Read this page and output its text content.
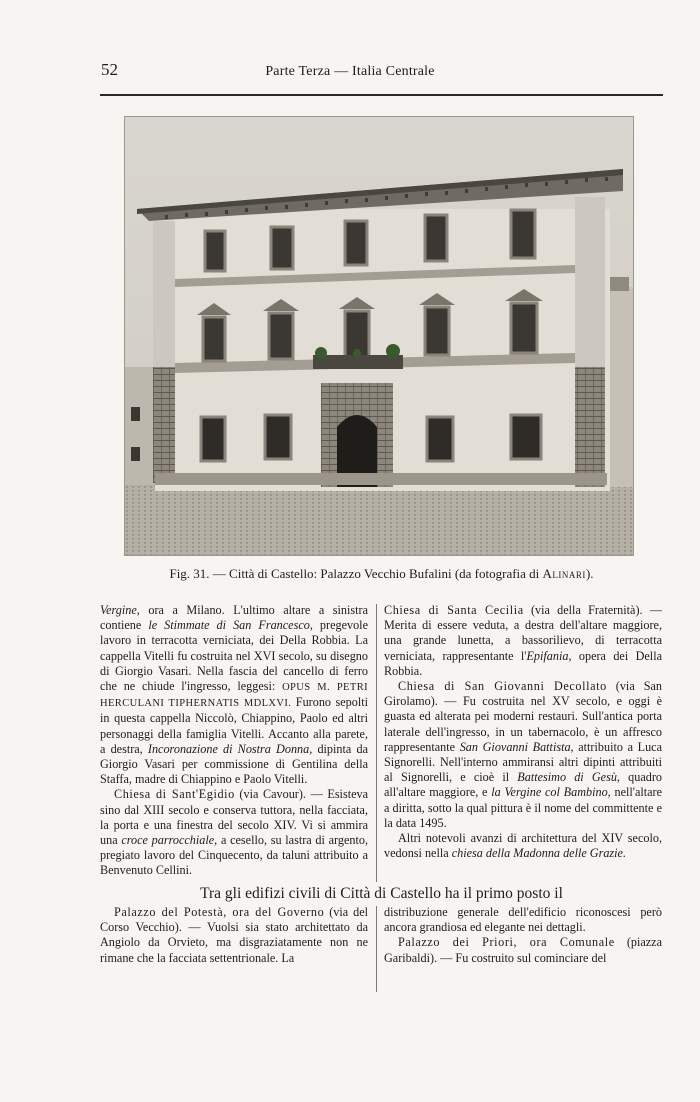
52	Parte Terza — Italia Centrale
Fig. 31. — Città di Castello: Palazzo Vecchio Bufalini (da fotografia di Alinari).

Vergine, ora a Milano. L'ultimo altare a sinistra contiene le Stimmate di San Francesco, pregevole lavoro in terracotta verniciata, dei Della Robbia. La cappella Vitelli fu costruita nel XVI secolo, su disegno di Giorgio Vasari. Nella fascia del cancello di ferro che ne chiude l'ingresso, leggesi: OPUS M. PETRI HERCULANI TIPHERNATIS MDLXVI. Furono sepolti in questa cappella Niccolò, Chiappino, Paolo ed altri personaggi della famiglia Vitelli. Accanto alla parete, a destra, Incoronazione di Nostra Donna, dipinta da Giorgio Vasari per commissione di Gentilina della Staffa, madre di Chiappino e Paolo Vitelli.

Chiesa di Sant'Egidio (via Cavour). — Esisteva sino dal XIII secolo e conserva tuttora, nella facciata, la porta e una finestra del secolo XIV. Vi si ammira una croce parrocchiale, a cesello, su lastra di argento, pregiato lavoro del Cinquecento, da taluni attribuito a Benvenuto Cellini.

Chiesa di Santa Cecilia (via della Fraternità). — Merita di essere veduta, a destra dell'altare maggiore, una grande lunetta, a bassorilievo, di terracotta verniciata, rappresentante l'Epifania, opera dei Della Robbia.

Chiesa di San Giovanni Decollato (via San Girolamo). — Fu costruita nel XV secolo, e oggi è guasta ed alterata pei moderni restauri. Sull'antica porta laterale dell'ingresso, in un tabernacolo, è un affresco rappresentante San Giovanni Battista, attribuito a Luca Signorelli. Nell'interno ammiransi altri dipinti attribuiti al Signorelli, e cioè il Battesimo di Gesù, quadro all'altare maggiore, e la Vergine col Bambino, nell'altare a diritta, sotto la qual pittura è il nome del committente e la data 1495.

Altri notevoli avanzi di architettura del XIV secolo, vedonsi nella chiesa della Madonna delle Grazie.

Tra gli edifizi civili di Città di Castello ha il primo posto il

Palazzo del Potestà, ora del Governo (via del Corso Vecchio). — Vuolsi sia stato architettato da Angiolo da Orvieto, ma disgraziatamente non ne rimane che la facciata settentrionale. La

distribuzione generale dell'edificio riconoscesi però ancora grandiosa ed elegante nei dettagli.

Palazzo dei Priori, ora Comunale (piazza Garibaldi). — Fu costruito sul cominciare del
